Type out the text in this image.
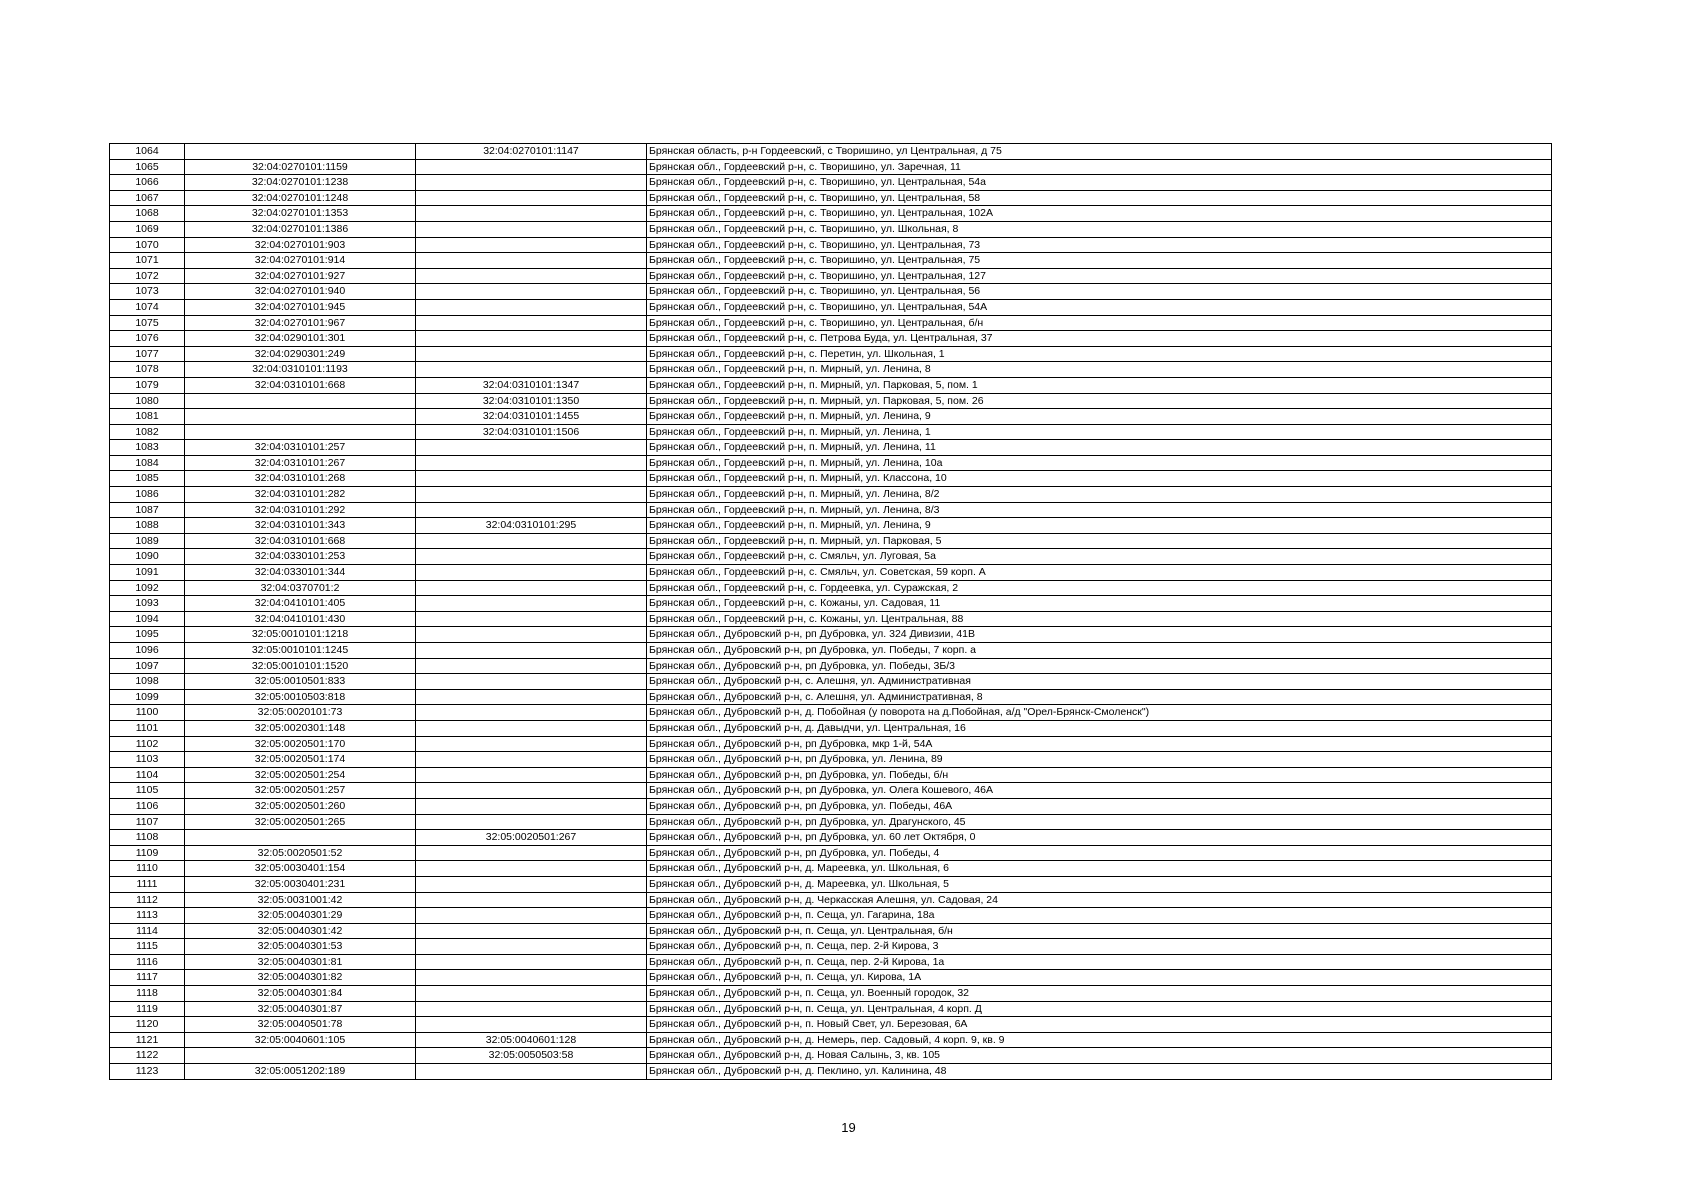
1064		32:04:0270101:1147	Брянская область, р-н Гордеевский, с Творишино, ул Центральная, д 75
1065	32:04:0270101:1159		Брянская обл., Гордеевский р-н, с. Творишино, ул. Заречная, 11
1066	32:04:0270101:1238		Брянская обл., Гордеевский р-н, с. Творишино, ул. Центральная, 54а
1067	32:04:0270101:1248		Брянская обл., Гордеевский р-н, с. Творишино, ул. Центральная, 58
1068	32:04:0270101:1353		Брянская обл., Гордеевский р-н, с. Творишино, ул. Центральная, 102А
1069	32:04:0270101:1386		Брянская обл., Гордеевский р-н, с. Творишино, ул. Школьная, 8
1070	32:04:0270101:903		Брянская обл., Гордеевский р-н, с. Творишино, ул. Центральная, 73
1071	32:04:0270101:914		Брянская обл., Гордеевский р-н, с. Творишино, ул. Центральная, 75
1072	32:04:0270101:927		Брянская обл., Гордеевский р-н, с. Творишино, ул. Центральная, 127
1073	32:04:0270101:940		Брянская обл., Гордеевский р-н, с. Творишино, ул. Центральная, 56
1074	32:04:0270101:945		Брянская обл., Гордеевский р-н, с. Творишино, ул. Центральная, 54А
1075	32:04:0270101:967		Брянская обл., Гордеевский р-н, с. Творишино, ул. Центральная, б/н
1076	32:04:0290101:301		Брянская обл., Гордеевский р-н, с. Петрова Буда, ул. Центральная, 37
1077	32:04:0290301:249		Брянская обл., Гордеевский р-н, с. Перетин, ул. Школьная, 1
1078	32:04:0310101:1193		Брянская обл., Гордеевский р-н, п. Мирный, ул. Ленина, 8
1079	32:04:0310101:668	32:04:0310101:1347	Брянская обл., Гордеевский р-н, п. Мирный, ул. Парковая, 5, пом. 1
1080		32:04:0310101:1350	Брянская обл., Гордеевский р-н, п. Мирный, ул. Парковая, 5, пом. 26
1081		32:04:0310101:1455	Брянская обл., Гордеевский р-н, п. Мирный, ул. Ленина, 9
1082		32:04:0310101:1506	Брянская обл., Гордеевский р-н, п. Мирный, ул. Ленина, 1
1083	32:04:0310101:257		Брянская обл., Гордеевский р-н, п. Мирный, ул. Ленина, 11
1084	32:04:0310101:267		Брянская обл., Гордеевский р-н, п. Мирный, ул. Ленина, 10а
1085	32:04:0310101:268		Брянская обл., Гордеевский р-н, п. Мирный, ул. Классона, 10
1086	32:04:0310101:282		Брянская обл., Гордеевский р-н, п. Мирный, ул. Ленина, 8/2
1087	32:04:0310101:292		Брянская обл., Гордеевский р-н, п. Мирный, ул. Ленина, 8/3
1088	32:04:0310101:343	32:04:0310101:295	Брянская обл., Гордеевский р-н, п. Мирный, ул. Ленина, 9
1089	32:04:0310101:668		Брянская обл., Гордеевский р-н, п. Мирный, ул. Парковая, 5
1090	32:04:0330101:253		Брянская обл., Гордеевский р-н, с. Смяльч, ул. Луговая, 5а
1091	32:04:0330101:344		Брянская обл., Гордеевский р-н, с. Смяльч, ул. Советская, 59 корп. А
1092	32:04:0370701:2		Брянская обл., Гордеевский р-н, с. Гордеевка, ул. Суражская, 2
1093	32:04:0410101:405		Брянская обл., Гордеевский р-н, с. Кожаны, ул. Садовая, 11
1094	32:04:0410101:430		Брянская обл., Гордеевский р-н, с. Кожаны, ул. Центральная, 88
1095	32:05:0010101:1218		Брянская обл., Дубровский р-н, рп Дубровка, ул. 324 Дивизии, 41В
1096	32:05:0010101:1245		Брянская обл., Дубровский р-н, рп Дубровка, ул. Победы, 7 корп. а
1097	32:05:0010101:1520		Брянская обл., Дубровский р-н, рп Дубровка, ул. Победы, 3Б/3
1098	32:05:0010501:833		Брянская обл., Дубровский р-н, с. Алешня, ул. Административная
1099	32:05:0010503:818		Брянская обл., Дубровский р-н, с. Алешня, ул. Административная, 8
1100	32:05:0020101:73		Брянская обл., Дубровский р-н, д. Побойная (у поворота на д.Побойная, а/д "Орел-Брянск-Смоленск")
1101	32:05:0020301:148		Брянская обл., Дубровский р-н, д. Давыдчи, ул. Центральная, 16
1102	32:05:0020501:170		Брянская обл., Дубровский р-н, рп Дубровка, мкр 1-й, 54А
1103	32:05:0020501:174		Брянская обл., Дубровский р-н, рп Дубровка, ул. Ленина, 89
1104	32:05:0020501:254		Брянская обл., Дубровский р-н, рп Дубровка, ул. Победы, б/н
1105	32:05:0020501:257		Брянская обл., Дубровский р-н, рп Дубровка, ул. Олега Кошевого, 46А
1106	32:05:0020501:260		Брянская обл., Дубровский р-н, рп Дубровка, ул. Победы, 46А
1107	32:05:0020501:265		Брянская обл., Дубровский р-н, рп Дубровка, ул. Драгунского, 45
1108		32:05:0020501:267	Брянская обл., Дубровский р-н, рп Дубровка, ул. 60 лет Октября, 0
1109	32:05:0020501:52		Брянская обл., Дубровский р-н, рп Дубровка, ул. Победы, 4
1110	32:05:0030401:154		Брянская обл., Дубровский р-н, д. Мареевка, ул. Школьная, 6
1111	32:05:0030401:231		Брянская обл., Дубровский р-н, д. Мареевка, ул. Школьная, 5
1112	32:05:0031001:42		Брянская обл., Дубровский р-н, д. Черкасская Алешня, ул. Садовая, 24
1113	32:05:0040301:29		Брянская обл., Дубровский р-н, п. Сеща, ул. Гагарина, 18а
1114	32:05:0040301:42		Брянская обл., Дубровский р-н, п. Сеща, ул. Центральная, б/н
1115	32:05:0040301:53		Брянская обл., Дубровский р-н, п. Сеща, пер. 2-й Кирова, 3
1116	32:05:0040301:81		Брянская обл., Дубровский р-н, п. Сеща, пер. 2-й Кирова, 1а
1117	32:05:0040301:82		Брянская обл., Дубровский р-н, п. Сеща, ул. Кирова, 1А
1118	32:05:0040301:84		Брянская обл., Дубровский р-н, п. Сеща, ул. Военный городок, 32
1119	32:05:0040301:87		Брянская обл., Дубровский р-н, п. Сеща, ул. Центральная, 4 корп. Д
1120	32:05:0040501:78		Брянская обл., Дубровский р-н, п. Новый Свет, ул. Березовая, 6А
1121	32:05:0040601:105	32:05:0040601:128	Брянская обл., Дубровский р-н, д. Немерь, пер. Садовый, 4 корп. 9, кв. 9
1122		32:05:0050503:58	Брянская обл., Дубровский р-н, д. Новая Салынь, 3, кв. 105
1123	32:05:0051202:189		Брянская обл., Дубровский р-н, д. Пеклино, ул. Калинина, 48
19
